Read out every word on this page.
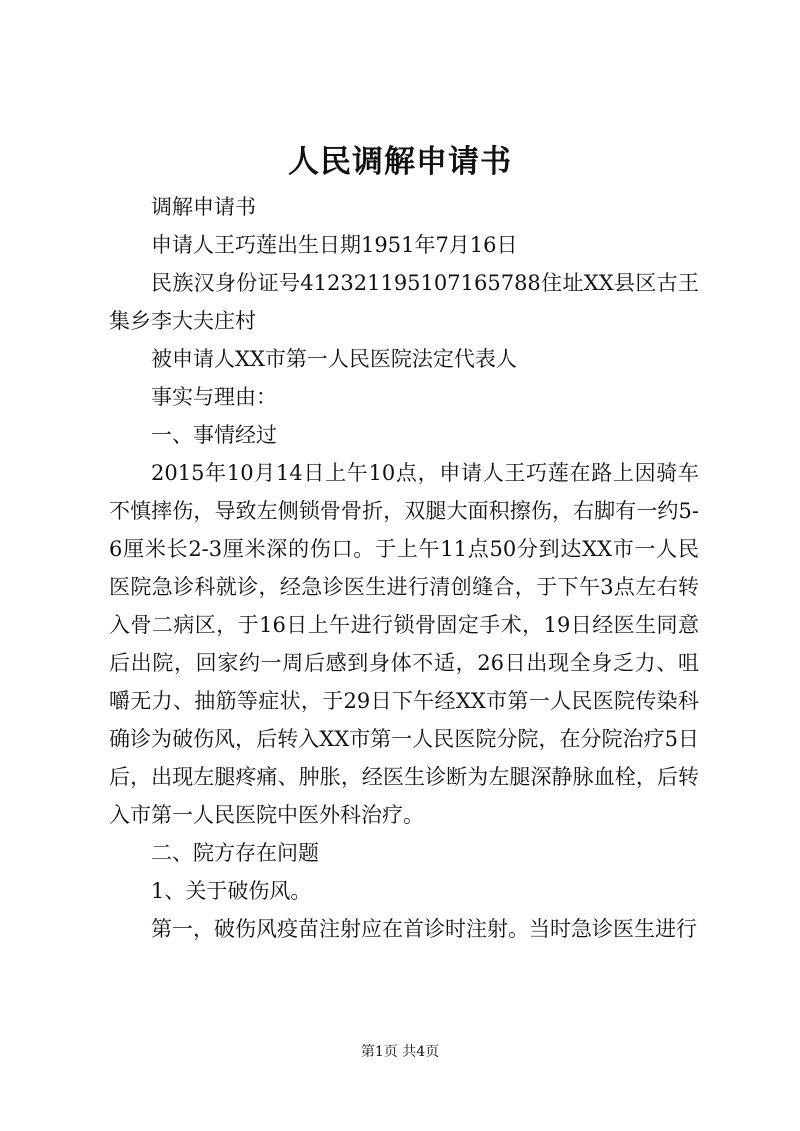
人民调解申请书

调解申请书

申请人王巧莲出生日期1951年7月16日

民族汉身份证号412321195107165788住址XX县区古王集乡李大夫庄村

被申请人XX市第一人民医院法定代表人

事实与理由：

一、事情经过

2015年10月14日上午10点，申请人王巧莲在路上因骑车不慎摔伤，导致左侧锁骨骨折，双腿大面积擦伤，右脚有一约5-6厘米长2-3厘米深的伤口。于上午11点50分到达XX市一人民医院急诊科就诊，经急诊医生进行清创缝合，于下午3点左右转入骨二病区，于16日上午进行锁骨固定手术，19日经医生同意后出院，回家约一周后感到身体不适，26日出现全身乏力、咀嚼无力、抽筋等症状，于29日下午经XX市第一人民医院传染科确诊为破伤风，后转入XX市第一人民医院分院，在分院治疗5日后，出现左腿疼痛、肿胀，经医生诊断为左腿深静脉血栓，后转入市第一人民医院中医外科治疗。

二、院方存在问题

1、关于破伤风。

第一，破伤风疫苗注射应在首诊时注射。当时急诊医生进行

第1页 共4页
